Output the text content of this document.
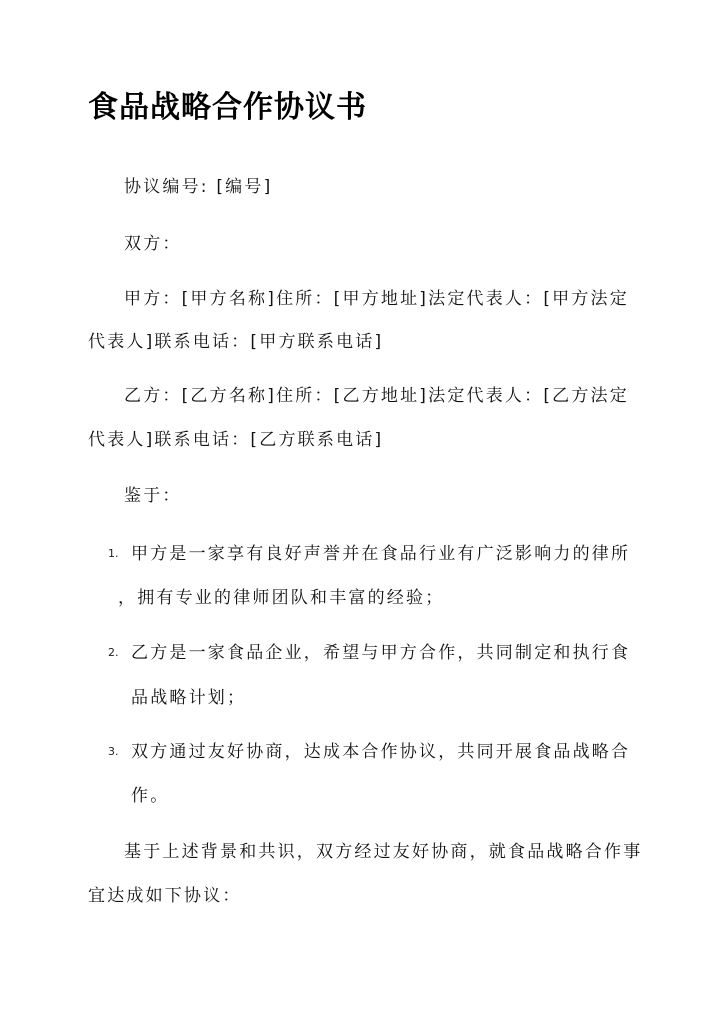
食品战略合作协议书
协议编号: [编号]
双方：
甲方：[甲方名称]住所：[甲方地址]法定代表人：[甲方法定
代表人]联系电话：[甲方联系电话]
乙方：[乙方名称]住所：[乙方地址]法定代表人：[乙方法定
代表人]联系电话：[乙方联系电话]
鉴于：
1. 甲方是一家享有良好声誉并在食品行业有广泛影响力的律所
，拥有专业的律师团队和丰富的经验；
2. 乙方是一家食品企业，希望与甲方合作，共同制定和执行食
品战略计划；
3. 双方通过友好协商，达成本合作协议，共同开展食品战略合
作。
基于上述背景和共识，双方经过友好协商，就食品战略合作事
宜达成如下协议：
